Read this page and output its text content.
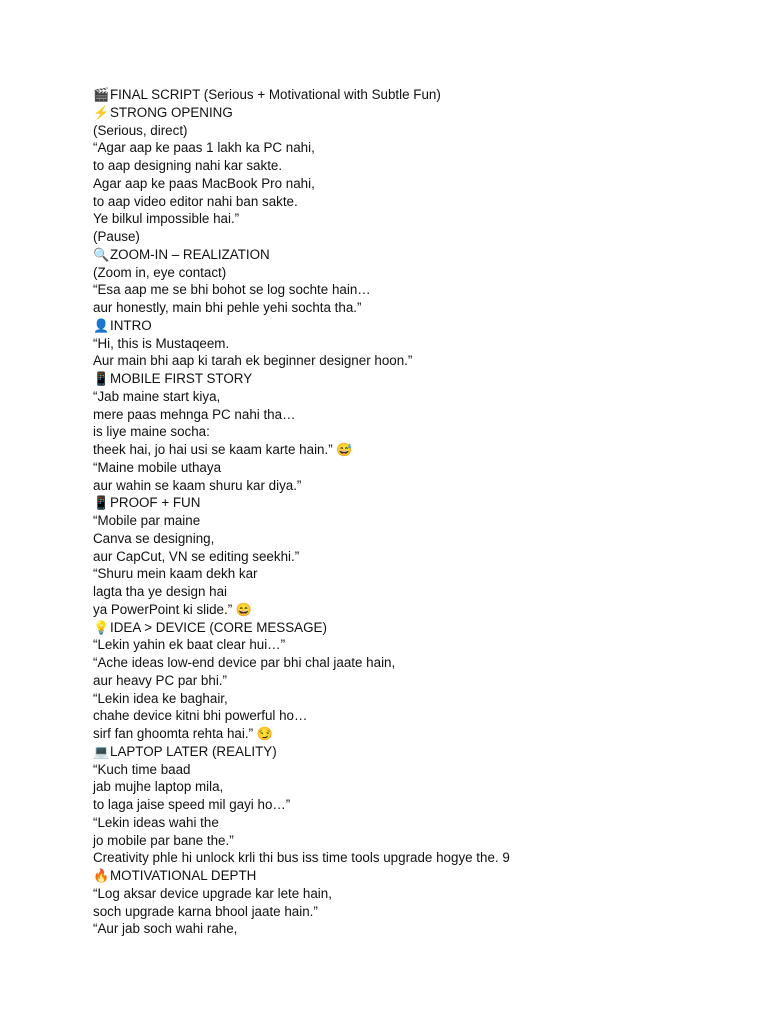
🎬FINAL SCRIPT (Serious + Motivational with Subtle Fun)
⚡STRONG OPENING
(Serious, direct)
“Agar aap ke paas 1 lakh ka PC nahi,
to aap designing nahi kar sakte.
Agar aap ke paas MacBook Pro nahi,
to aap video editor nahi ban sakte.
Ye bilkul impossible hai.”
(Pause)
🔍ZOOM-IN – REALIZATION
(Zoom in, eye contact)
“Esa aap me se bhi bohot se log sochte hain…
aur honestly, main bhi pehle yehi sochta tha.”
👤INTRO
“Hi, this is Mustaqeem.
Aur main bhi aap ki tarah ek beginner designer hoon.”
📱MOBILE FIRST STORY
“Jab maine start kiya,
mere paas mehnga PC nahi tha…
is liye maine socha:
theek hai, jo hai usi se kaam karte hain.” 😅
“Maine mobile uthaya
aur wahin se kaam shuru kar diya.”
📱PROOF + FUN
“Mobile par maine
Canva se designing,
aur CapCut, VN se editing seekhi.”
“Shuru mein kaam dekh kar
lagta tha ye design hai
ya PowerPoint ki slide.” 😄
💡IDEA > DEVICE (CORE MESSAGE)
“Lekin yahin ek baat clear hui…”
“Ache ideas low-end device par bhi chal jaate hain,
aur heavy PC par bhi.”
“Lekin idea ke baghair,
chahe device kitni bhi powerful ho…
sirf fan ghoomta rehta hai.” 😏
💻LAPTOP LATER (REALITY)
“Kuch time baad
jab mujhe laptop mila,
to laga jaise speed mil gayi ho…”
“Lekin ideas wahi the
jo mobile par bane the.”
Creativity phle hi unlock krli thi bus iss time tools upgrade hogye the. 9
🔥MOTIVATIONAL DEPTH
“Log aksar device upgrade kar lete hain,
soch upgrade karna bhool jaate hain.”
“Aur jab soch wahi rahe,
